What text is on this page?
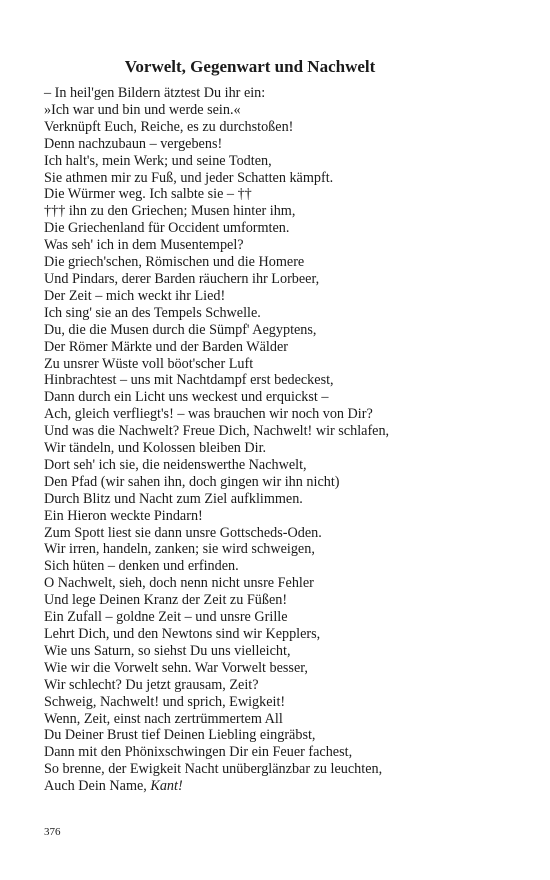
Vorwelt, Gegenwart und Nachwelt
– In heil'gen Bildern ätztest Du ihr ein:
»Ich war und bin und werde sein.«
Verknüpft Euch, Reiche, es zu durchstoßen!
Denn nachzubaun – vergebens!
Ich halt's, mein Werk; und seine Todten,
Sie athmen mir zu Fuß, und jeder Schatten kämpft.
Die Würmer weg. Ich salbte sie – ††
††† ihn zu den Griechen; Musen hinter ihm,
Die Griechenland für Occident umformten.
Was seh' ich in dem Musentempel?
Die griech'schen, Römischen und die Homere
Und Pindars, derer Barden räuchern ihr Lorbeer,
Der Zeit – mich weckt ihr Lied!
Ich sing' sie an des Tempels Schwelle.
Du, die die Musen durch die Sümpf' Aegyptens,
Der Römer Märkte und der Barden Wälder
Zu unsrer Wüste voll böot'scher Luft
Hinbrachtest – uns mit Nachtdampf erst bedeckest,
Dann durch ein Licht uns weckest und erquickst –
Ach, gleich verfliegt's! – was brauchen wir noch von Dir?
Und was die Nachwelt? Freue Dich, Nachwelt! wir schlafen,
Wir tändeln, und Kolossen bleiben Dir.
Dort seh' ich sie, die neidenswerthe Nachwelt,
Den Pfad (wir sahen ihn, doch gingen wir ihn nicht)
Durch Blitz und Nacht zum Ziel aufklimmen.
Ein Hieron weckte Pindarn!
Zum Spott liest sie dann unsre Gottscheds-Oden.
Wir irren, handeln, zanken; sie wird schweigen,
Sich hüten – denken und erfinden.
O Nachwelt, sieh, doch nenn nicht unsre Fehler
Und lege Deinen Kranz der Zeit zu Füßen!
Ein Zufall – goldne Zeit – und unsre Grille
Lehrt Dich, und den Newtons sind wir Kepplers,
Wie uns Saturn, so siehst Du uns vielleicht,
Wie wir die Vorwelt sehn. War Vorwelt besser,
Wir schlecht? Du jetzt grausam, Zeit?
Schweig, Nachwelt! und sprich, Ewigkeit!
Wenn, Zeit, einst nach zertrümmertem All
Du Deiner Brust tief Deinen Liebling eingräbst,
Dann mit den Phönixschwingen Dir ein Feuer fachest,
So brenne, der Ewigkeit Nacht unüberglänzbar zu leuchten,
Auch Dein Name, Kant!
376
